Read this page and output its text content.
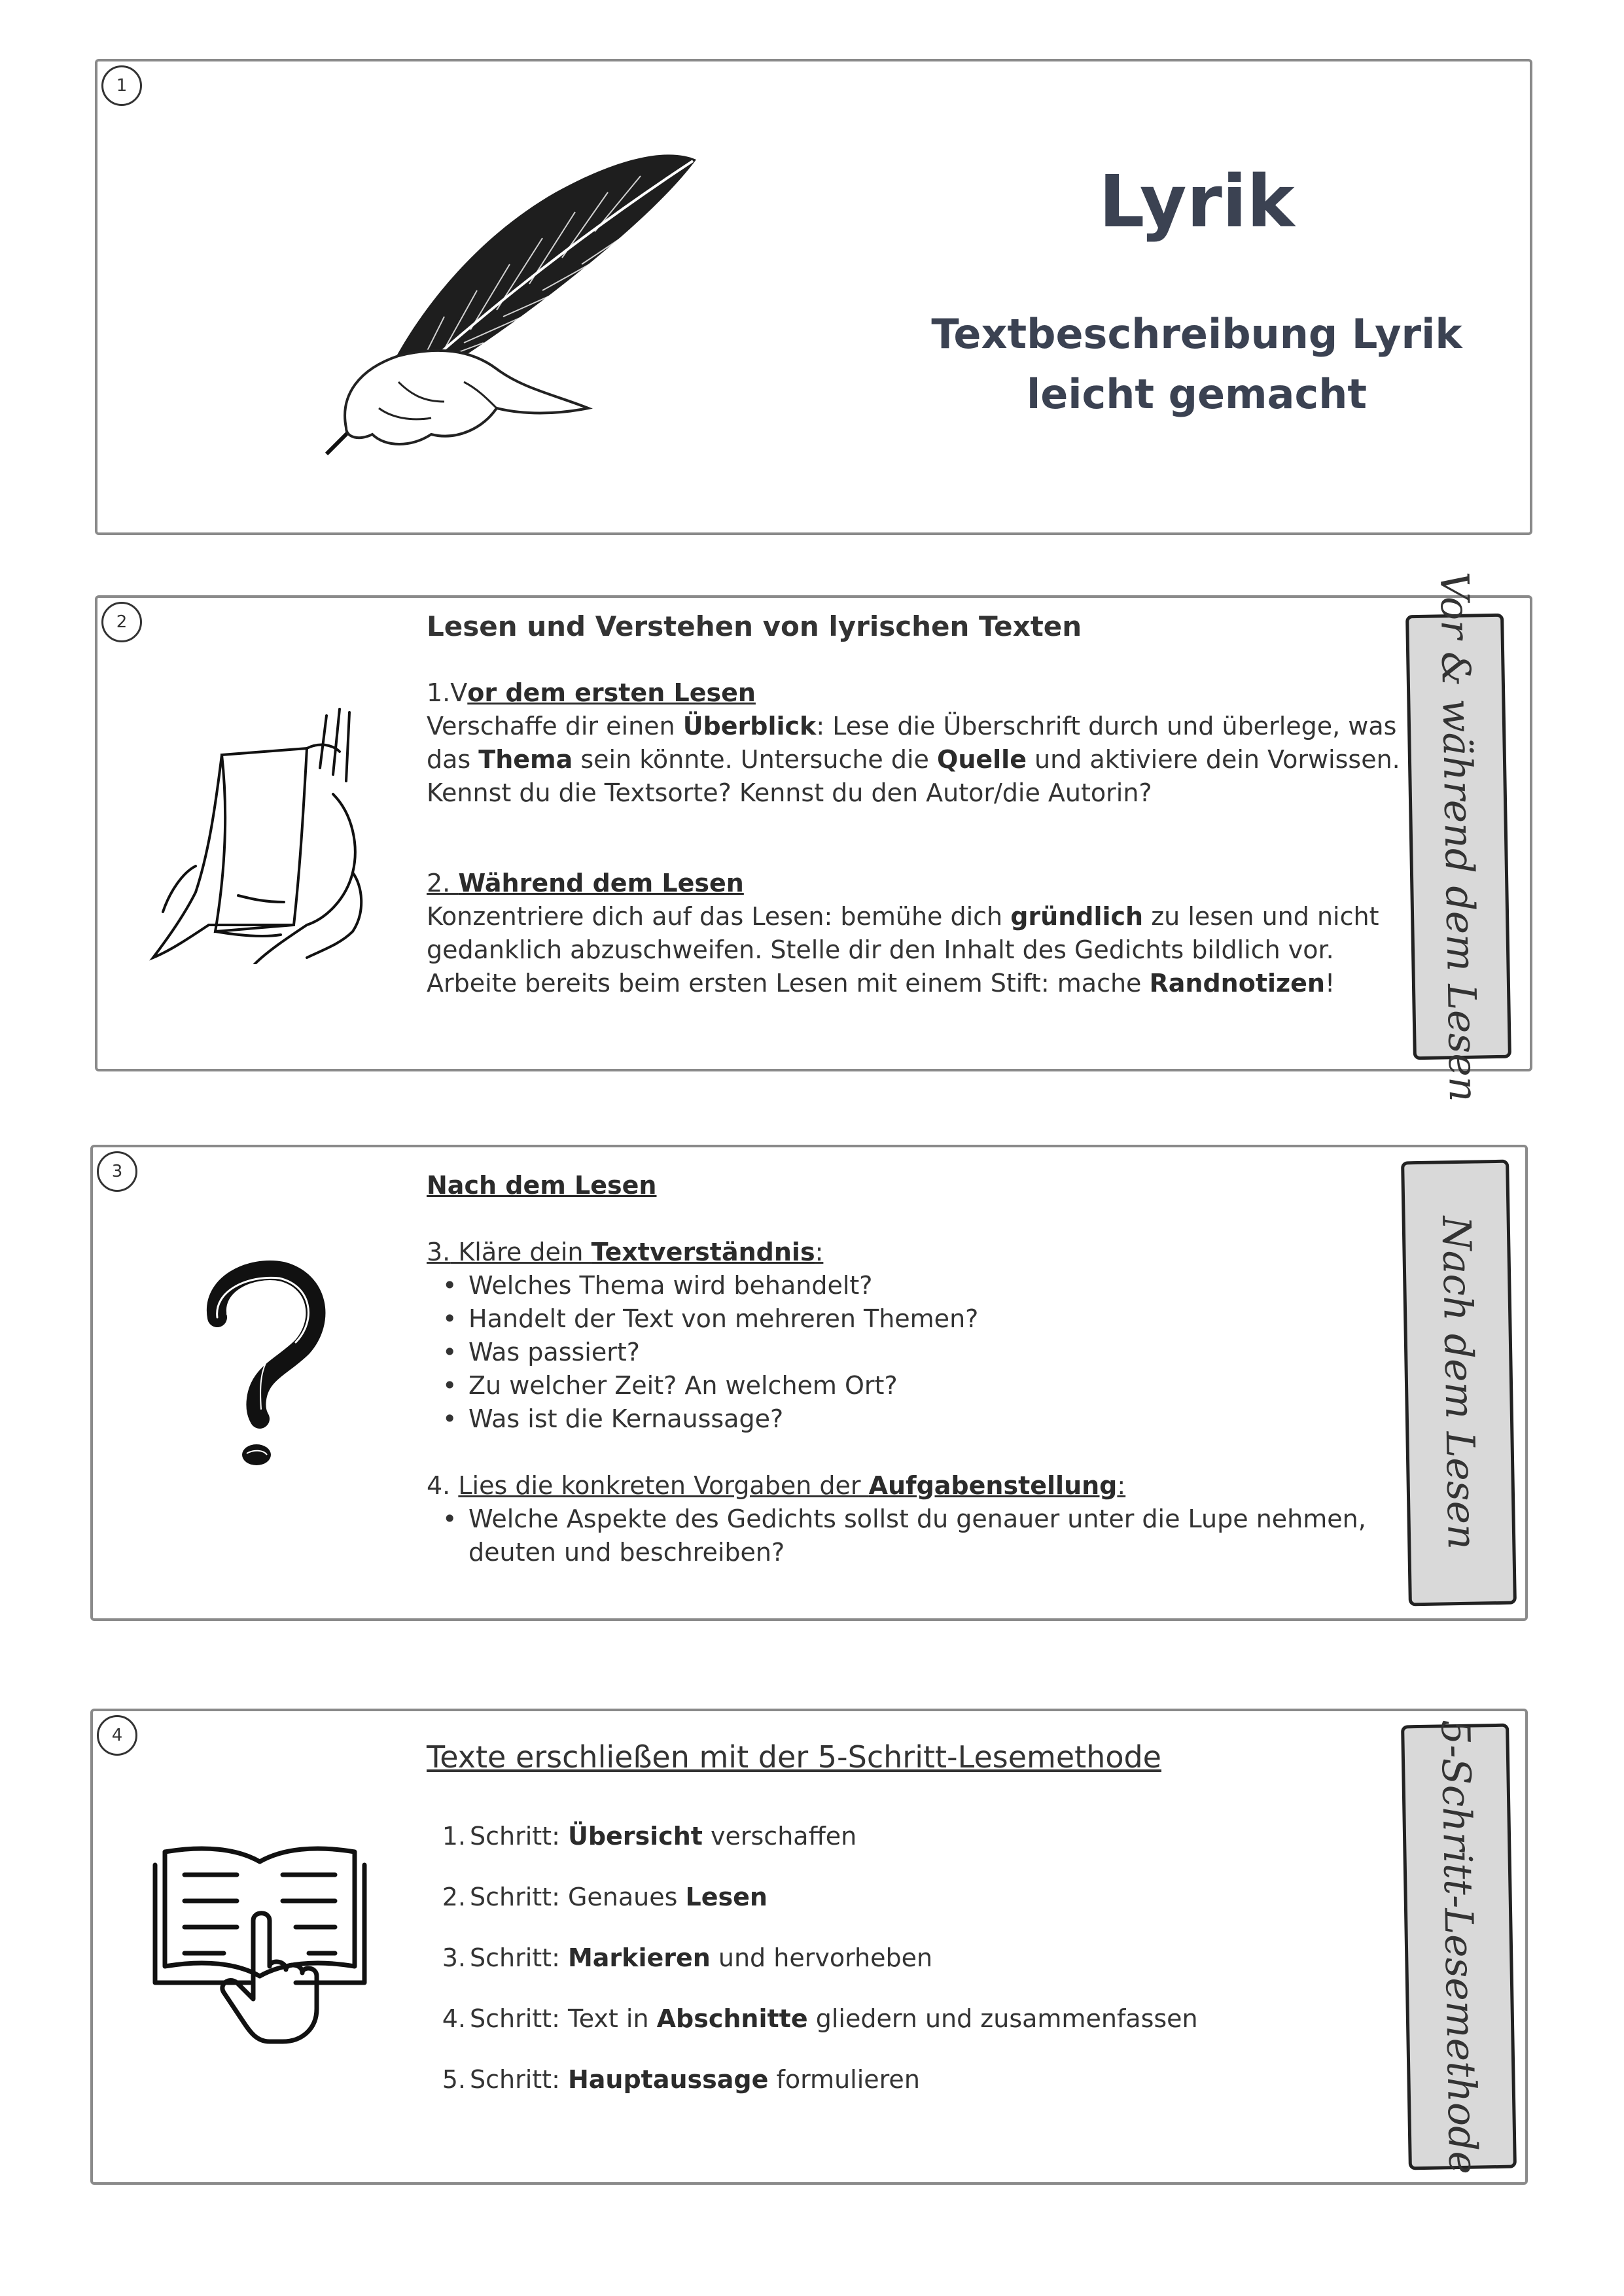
1
Lyrik
Textbeschreibung Lyrik
leicht gemacht
2	Lesen und Verstehen von lyrischen Texten
1.Vor dem ersten Lesen
Verschaffe dir einen Überblick: Lese die Überschrift durch und überlege, was
das Thema sein könnte. Untersuche die Quelle und aktiviere dein Vorwissen.
Kennst du die Textsorte? Kennst du den Autor/die Autorin?
2. Während dem Lesen
Konzentriere dich auf das Lesen: bemühe dich gründlich zu lesen und nicht
gedanklich abzuschweifen. Stelle dir den Inhalt des Gedichts bildlich vor.
Arbeite bereits beim ersten Lesen mit einem Stift: mache Randnotizen!	Vor & während dem Lesen
3	Nach dem Lesen
3. Kläre dein Textverständnis:
• Welches Thema wird behandelt?
• Handelt der Text von mehreren Themen?
• Was passiert?
• Zu welcher Zeit? An welchem Ort?
• Was ist die Kernaussage?
4. Lies die konkreten Vorgaben der Aufgabenstellung:
• Welche Aspekte des Gedichts sollst du genauer unter die Lupe nehmen,
deuten und beschreiben?
Nach dem Lesen
4
Texte erschließen mit der 5-Schritt-Lesemethode
1. Schritt: Übersicht verschaffen
2. Schritt: Genaues Lesen
3. Schritt: Markieren und hervorheben
4. Schritt: Text in Abschnitte gliedern und zusammenfassen
5. Schritt: Hauptaussage formulieren	5-Schritt-Lesemethode
